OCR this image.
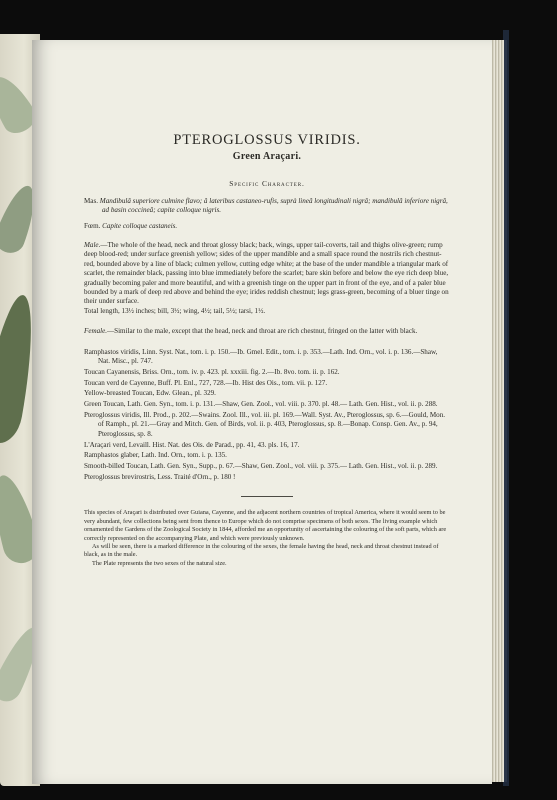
PTEROGLOSSUS VIRIDIS.
Green Araçari.
Specific Character.
Mas. Mandibulâ superiore culmine flavo; â lateribus castaneo-rufis, suprà lineâ longitudinali nigrâ; mandibulâ inferiore nigrâ, ad basin coccineâ; capite colloque nigris.
Fœm. Capite colloque castaneis.

Male.—The whole of the head, neck and throat glossy black; back, wings, upper tail-coverts, tail and thighs olive-green; rump deep blood-red; under surface greenish yellow; sides of the upper mandible and a small space round the nostrils rich chestnut-red, bounded above by a line of black; culmen yellow, cutting edge white; at the base of the under mandible a triangular mark of scarlet, the remainder black, passing into blue immediately before the scarlet; bare skin before and below the eye rich deep blue, gradually becoming paler and more beautiful, and with a greenish tinge on the upper part in front of the eye, and of a paler blue bounded by a mark of deep red above and behind the eye; irides reddish chestnut; legs grass-green, becoming of a bluer tinge on their under surface.

Total length, 13½ inches; bill, 3½; wing, 4½; tail, 5½; tarsi, 1½.

Female.—Similar to the male, except that the head, neck and throat are rich chestnut, fringed on the latter with black.
Ramphastos viridis, Linn. Syst. Nat., tom. i. p. 150.—Ib. Gmel. Edit., tom. i. p. 353.—Lath. Ind. Orn., vol. i. p. 136.—Shaw, Nat. Misc., pl. 747.
Toucan Cayanensis, Briss. Orn., tom. iv. p. 423. pl. xxxiii. fig. 2.—Ib. 8vo. tom. ii. p. 162.
Toucan verd de Cayenne, Buff. Pl. Enl., 727, 728.—Ib. Hist des Ois., tom. vii. p. 127.
Yellow-breasted Toucan, Edw. Glean., pl. 329.
Green Toucan, Lath. Gen. Syn., tom. i. p. 131.—Shaw, Gen. Zool., vol. viii. p. 370. pl. 48.— Lath. Gen. Hist., vol. ii. p. 288.
Pteroglossus viridis, Ill. Prod., p. 202.—Swains. Zool. Ill., vol. iii. pl. 169.—Wall. Syst. Av., Pteroglossus, sp. 6.—Gould, Mon. of Ramph., pl. 21.—Gray and Mitch. Gen. of Birds, vol. ii. p. 403, Pteroglossus, sp. 8.—Bonap. Consp. Gen. Av., p. 94, Pteroglossus, sp. 8.
L'Araçari verd, Levaill. Hist. Nat. des Ois. de Parad., pp. 41, 43. pls. 16, 17.
Ramphastos glaber, Lath. Ind. Orn., tom. i. p. 135.
Smooth-billed Toucan, Lath. Gen. Syn., Supp., p. 67.—Shaw, Gen. Zool., vol. viii. p. 375.— Lath. Gen. Hist., vol. ii. p. 289.
Pteroglossus brevirostris, Less. Traité d'Orn., p. 180 !

This species of Araçari is distributed over Guiana, Cayenne, and the adjacent northern countries of tropical America, where it would seem to be very abundant, few collections being sent from thence to Europe which do not comprise specimens of both sexes. The living example which ornamented the Gardens of the Zoological Society in 1844, afforded me an opportunity of ascertaining the colouring of the soft parts, which are correctly represented on the accompanying Plate, and which were previously unknown.

As will be seen, there is a marked difference in the colouring of the sexes, the female having the head, neck and throat chestnut instead of black, as in the male.

The Plate represents the two sexes of the natural size.
